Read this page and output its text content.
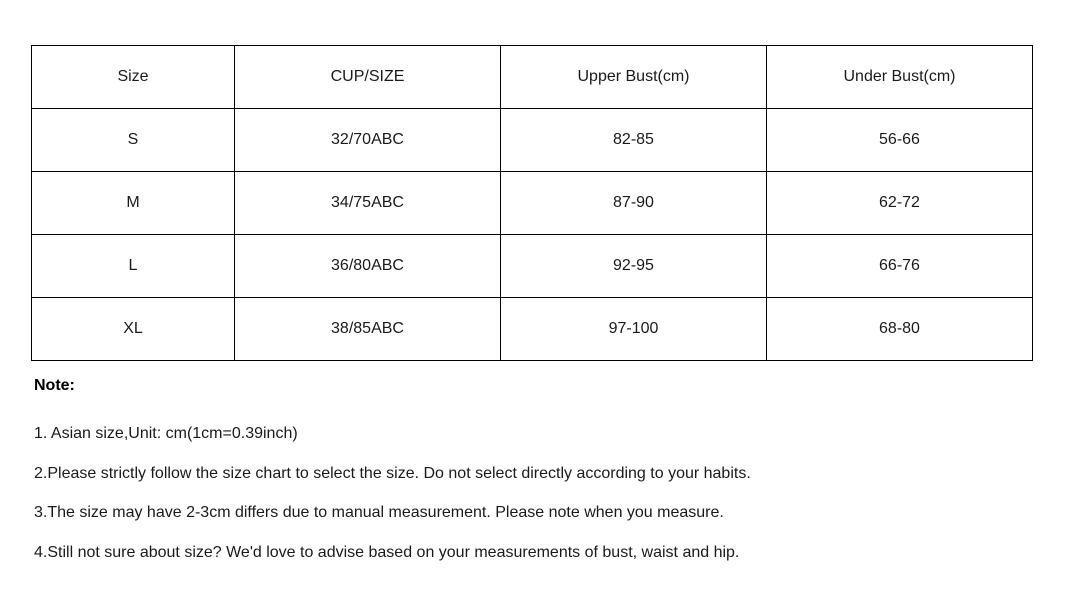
Size	CUP/SIZE	Upper Bust(cm)	Under Bust(cm)
S	32/70ABC	82-85	56-66
M	34/75ABC	87-90	62-72
L	36/80ABC	92-95	66-76
XL	38/85ABC	97-100	68-80
Note:
1. Asian size,Unit: cm(1cm=0.39inch)
2.Please strictly follow the size chart to select the size. Do not select directly according to your habits.
3.The size may have 2-3cm differs due to manual measurement. Please note when you measure.
4.Still not sure about size? We'd love to advise based on your measurements of bust, waist and hip.
